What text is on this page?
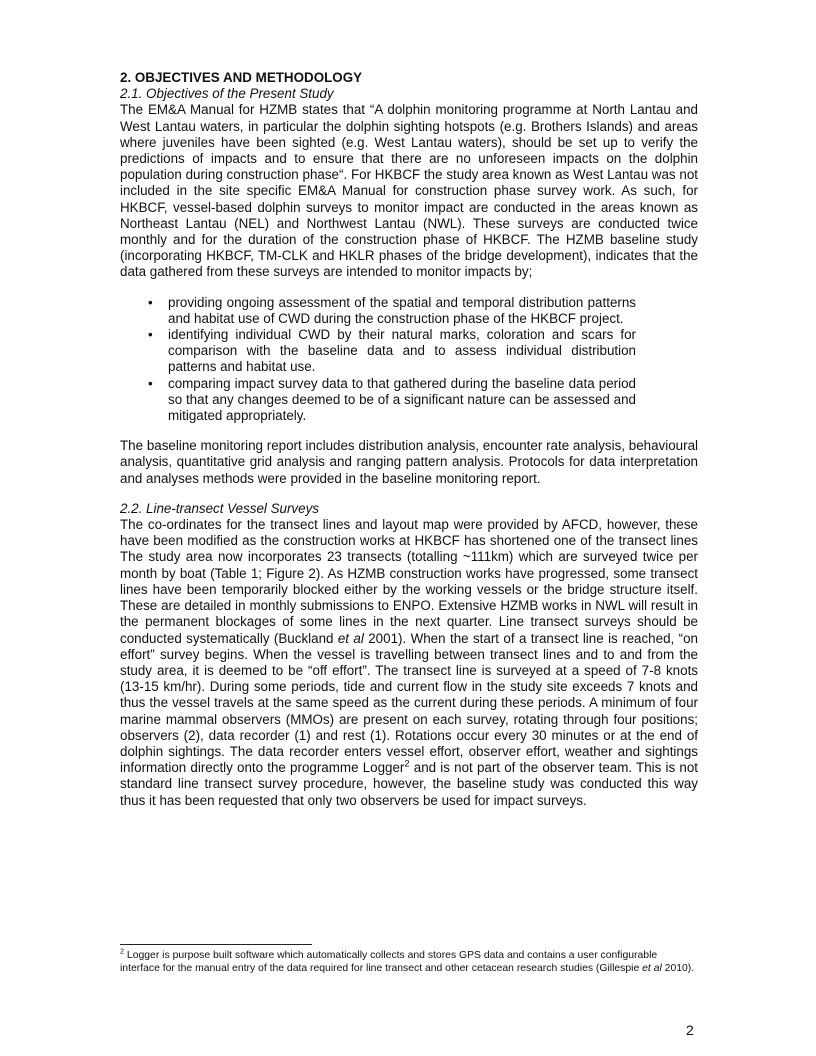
2. OBJECTIVES AND METHODOLOGY
2.1. Objectives of the Present Study

The EM&A Manual for HZMB states that “A dolphin monitoring programme at North Lantau and West Lantau waters, in particular the dolphin sighting hotspots (e.g. Brothers Islands) and areas where juveniles have been sighted (e.g. West Lantau waters), should be set up to verify the predictions of impacts and to ensure that there are no unforeseen impacts on the dolphin population during construction phase“. For HKBCF the study area known as West Lantau was not included in the site specific EM&A Manual for construction phase survey work. As such, for HKBCF, vessel-based dolphin surveys to monitor impact are conducted in the areas known as Northeast Lantau (NEL) and Northwest Lantau (NWL). These surveys are conducted twice monthly and for the duration of the construction phase of HKBCF. The HZMB baseline study (incorporating HKBCF, TM-CLK and HKLR phases of the bridge development), indicates that the data gathered from these surveys are intended to monitor impacts by;

• providing ongoing assessment of the spatial and temporal distribution patterns and habitat use of CWD during the construction phase of the HKBCF project.
• identifying individual CWD by their natural marks, coloration and scars for comparison with the baseline data and to assess individual distribution patterns and habitat use.
• comparing impact survey data to that gathered during the baseline data period so that any changes deemed to be of a significant nature can be assessed and mitigated appropriately.

The baseline monitoring report includes distribution analysis, encounter rate analysis, behavioural analysis, quantitative grid analysis and ranging pattern analysis. Protocols for data interpretation and analyses methods were provided in the baseline monitoring report.

2.2. Line-transect Vessel Surveys

The co-ordinates for the transect lines and layout map were provided by AFCD, however, these have been modified as the construction works at HKBCF has shortened one of the transect lines The study area now incorporates 23 transects (totalling ~111km) which are surveyed twice per month by boat (Table 1; Figure 2). As HZMB construction works have progressed, some transect lines have been temporarily blocked either by the working vessels or the bridge structure itself. These are detailed in monthly submissions to ENPO. Extensive HZMB works in NWL will result in the permanent blockages of some lines in the next quarter. Line transect surveys should be conducted systematically (Buckland et al 2001). When the start of a transect line is reached, “on effort” survey begins. When the vessel is travelling between transect lines and to and from the study area, it is deemed to be “off effort”. The transect line is surveyed at a speed of 7-8 knots (13-15 km/hr). During some periods, tide and current flow in the study site exceeds 7 knots and thus the vessel travels at the same speed as the current during these periods. A minimum of four marine mammal observers (MMOs) are present on each survey, rotating through four positions; observers (2), data recorder (1) and rest (1). Rotations occur every 30 minutes or at the end of dolphin sightings. The data recorder enters vessel effort, observer effort, weather and sightings information directly onto the programme Logger$^2$ and is not part of the observer team. This is not standard line transect survey procedure, however, the baseline study was conducted this way thus it has been requested that only two observers be used for impact surveys.

$^2$ Logger is purpose built software which automatically collects and stores GPS data and contains a user configurable interface for the manual entry of the data required for line transect and other cetacean research studies (Gillespie et al 2010).
2
